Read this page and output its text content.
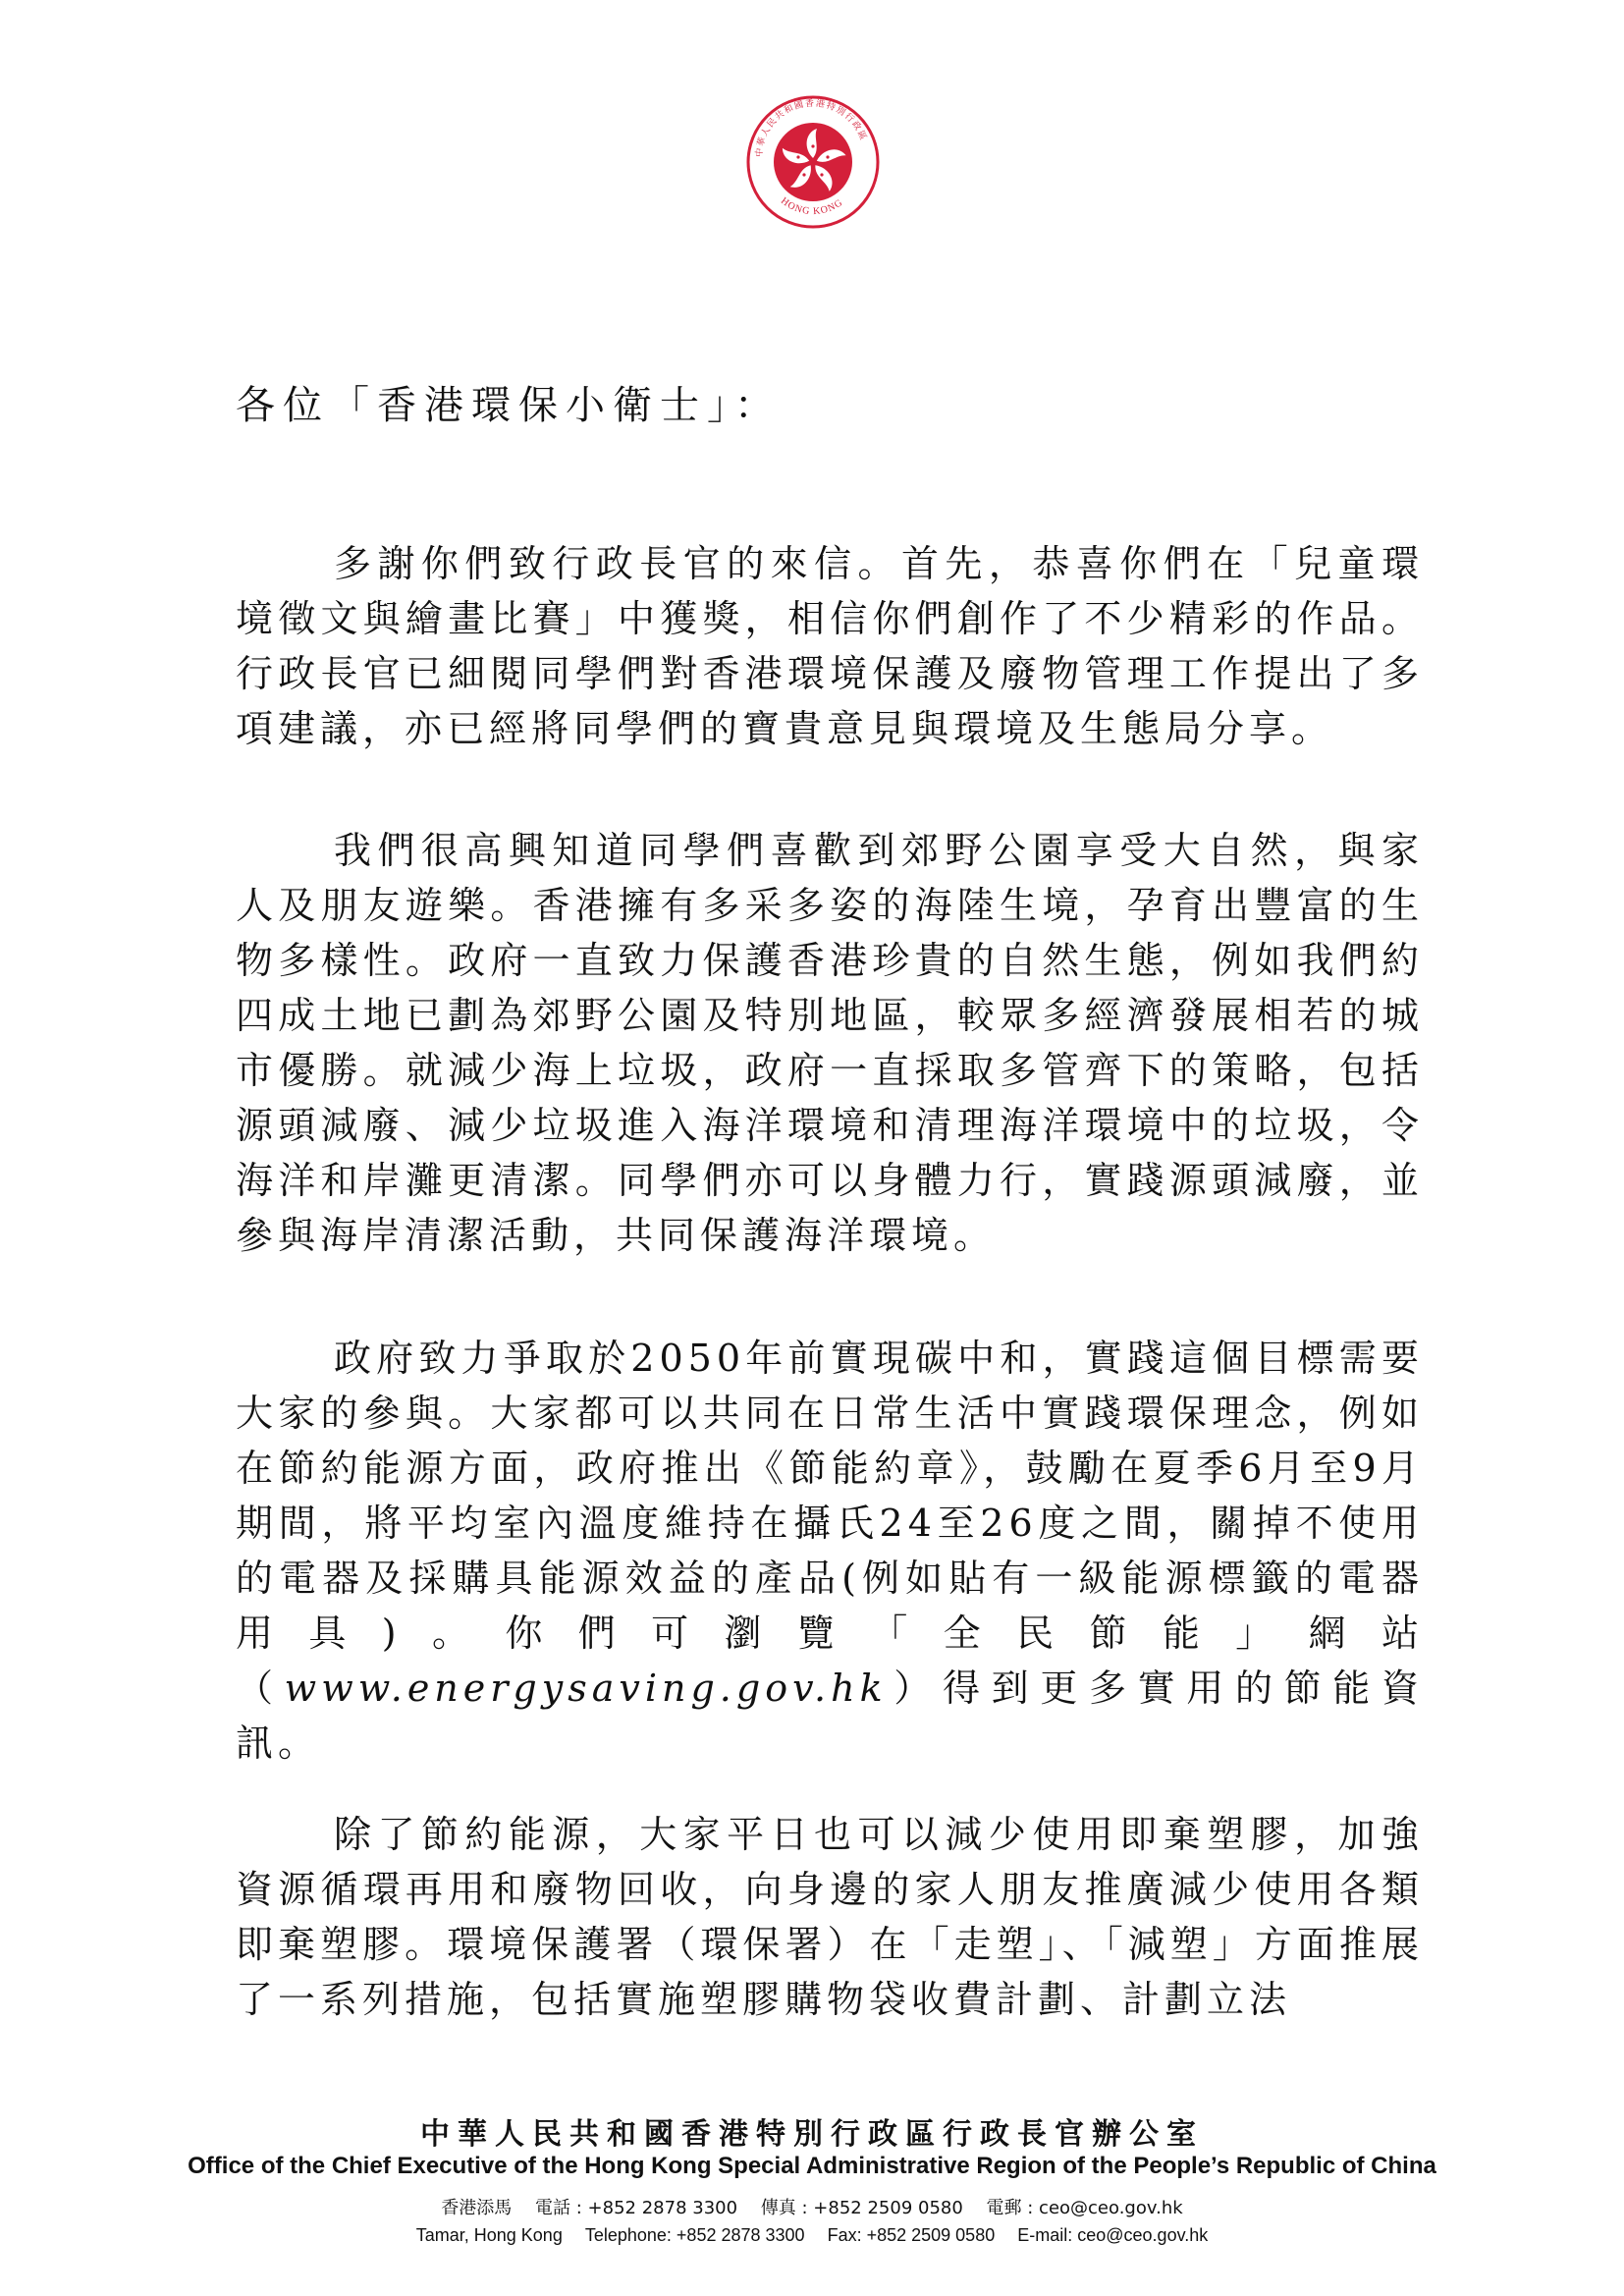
中華人民共和國香港特別行政區
HONG KONG
各位「香港環保小衛士」：
多謝你們致行政長官的來信。首先，恭喜你們在「兒童環境徵文與繪畫比賽」中獲獎，相信你們創作了不少精彩的作品。行政長官已細閱同學們對香港環境保護及廢物管理工作提出了多項建議，亦已經將同學們的寶貴意見與環境及生態局分享。
我們很高興知道同學們喜歡到郊野公園享受大自然，與家人及朋友遊樂。香港擁有多采多姿的海陸生境，孕育出豐富的生物多樣性。政府一直致力保護香港珍貴的自然生態，例如我們約四成土地已劃為郊野公園及特別地區，較眾多經濟發展相若的城市優勝。就減少海上垃圾，政府一直採取多管齊下的策略，包括源頭減廢、減少垃圾進入海洋環境和清理海洋環境中的垃圾，令海洋和岸灘更清潔。同學們亦可以身體力行，實踐源頭減廢，並參與海岸清潔活動，共同保護海洋環境。
政府致力爭取於2050年前實現碳中和，實踐這個目標需要大家的參與。大家都可以共同在日常生活中實踐環保理念，例如在節約能源方面，政府推出《節能約章》，鼓勵在夏季6月至9月期間，將平均室內溫度維持在攝氏24至26度之間，關掉不使用的電器及採購具能源效益的產品(例如貼有一級能源標籤的電器用具)。你們可瀏覽「全民節能」網站（www.energysaving.gov.hk）得到更多實用的節能資訊。
除了節約能源，大家平日也可以減少使用即棄塑膠，加強資源循環再用和廢物回收，向身邊的家人朋友推廣減少使用各類即棄塑膠。環境保護署（環保署）在「走塑」、「減塑」方面推展了一系列措施，包括實施塑膠購物袋收費計劃、計劃立法
中華人民共和國香港特別行政區行政長官辦公室
Office of the Chief Executive of the Hong Kong Special Administrative Region of the People’s Republic of China
香港添馬 電話 : +852 2878 3300 傳真 : +852 2509 0580 電郵 : ceo@ceo.gov.hk
Tamar, Hong Kong Telephone: +852 2878 3300 Fax: +852 2509 0580 E-mail: ceo@ceo.gov.hk
